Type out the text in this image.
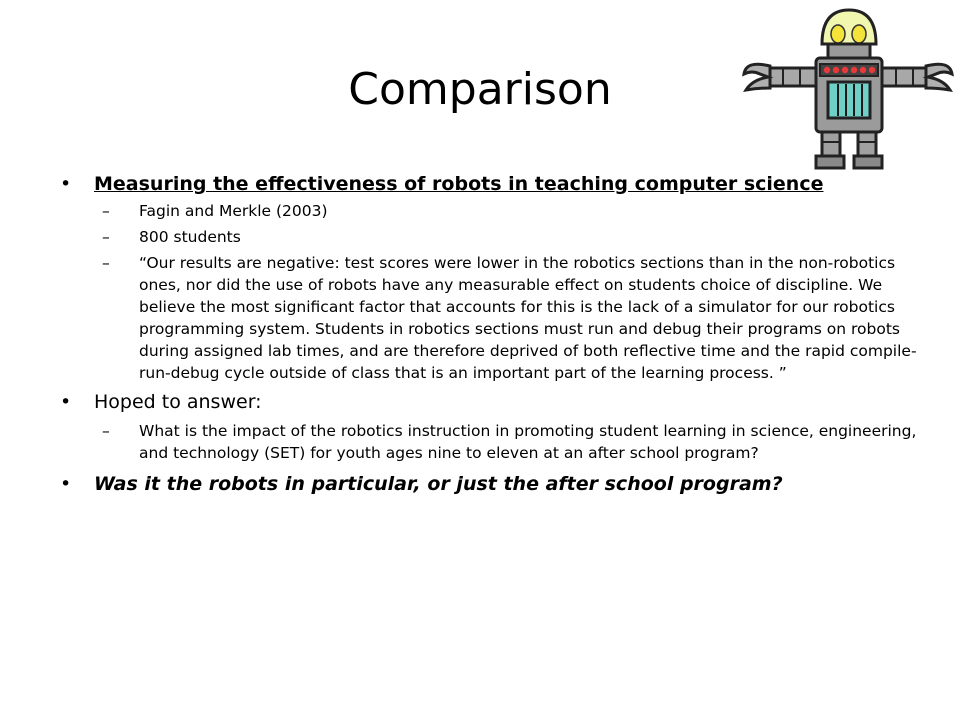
Comparison
• Measuring the effectiveness of robots in teaching computer science
– Fagin and Merkle (2003)
– 800 students
– “Our results are negative: test scores were lower in the robotics sections than in the non-robotics ones, nor did the use of robots have any measurable effect on students choice of discipline. We believe the most significant factor that accounts for this is the lack of a simulator for our robotics programming system. Students in robotics sections must run and debug their programs on robots during assigned lab times, and are therefore deprived of both reflective time and the rapid compile-run-debug cycle outside of class that is an important part of the learning process. ”
• Hoped to answer:
– What is the impact of the robotics instruction in promoting student learning in science, engineering, and technology (SET) for youth ages nine to eleven at an after school program?
• Was it the robots in particular, or just the after school program?
